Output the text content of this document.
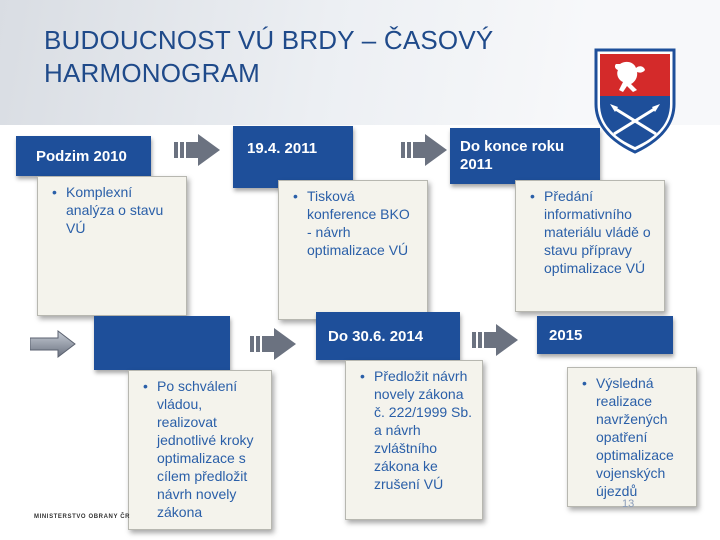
BUDOUCNOST VÚ BRDY – ČASOVÝ HARMONOGRAM
Podzim 2010	19.4. 2011	Do konce roku 2011
• Komplexní analýza o stavu VÚ
• Tisková konference BKO - návrh optimalizace VÚ
• Předání informativního materiálu vládě o stavu přípravy optimalizace VÚ
Do 30.6. 2014	2015
• Po schválení vládou, realizovat jednotlivé kroky optimalizace s cílem předložit návrh novely zákona
• Předložit návrh novely zákona č. 222/1999 Sb. a návrh zvláštního zákona ke zrušení VÚ
• Výsledná realizace navržených opatření optimalizace vojenských újezdů
MINISTERSTVO OBRANY ČR
13
